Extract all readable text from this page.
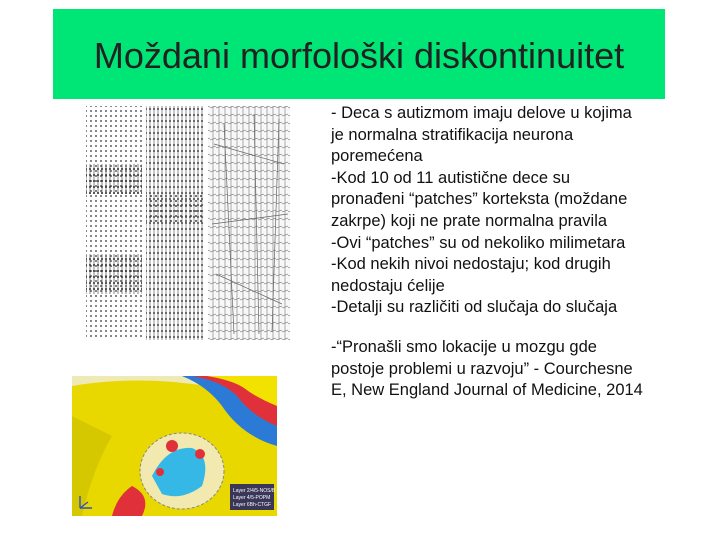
Moždani morfološki diskontinuitet
Layer 2/4/5-NOS/B
Layer 4/5-POPM
Layer 6Bh-CTGF

- Deca s autizmom imaju delove u kojima

je normalna stratifikacija neurona

poremećena

-Kod 10 od 11 autistične dece su

pronađeni “patches” korteksta (moždane

zakrpe) koji ne prate normalna pravila

-Ovi “patches” su od nekoliko milimetara

-Kod nekih nivoi nedostaju; kod drugih

nedostaju ćelije

-Detalji su različiti od slučaja do slučaja

-“Pronašli smo lokacije u mozgu gde

postoje problemi u razvoju” - Courchesne

E, New England Journal of Medicine, 2014
